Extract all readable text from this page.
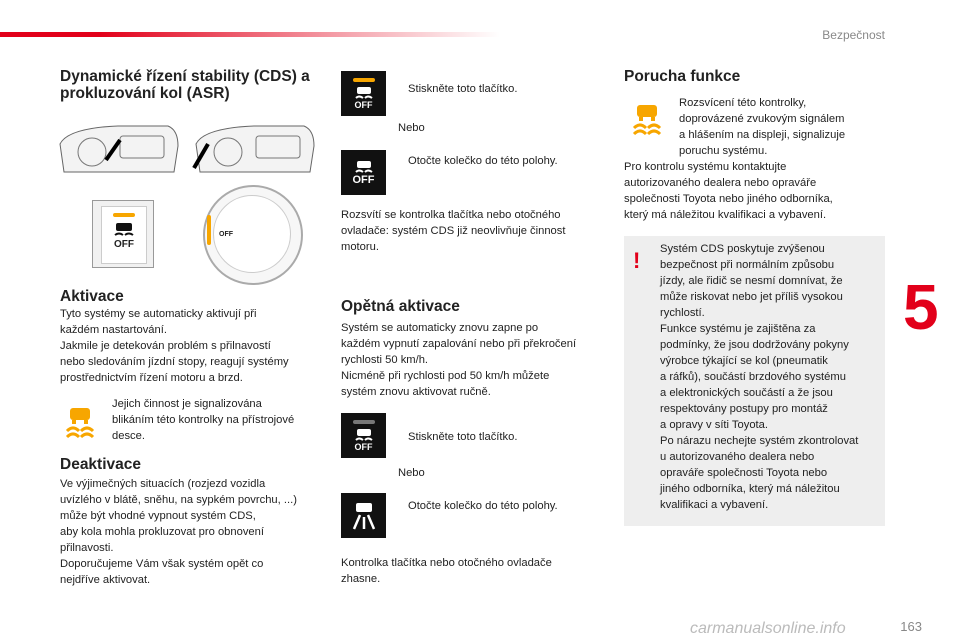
Bezpečnost
5
163
carmanualsonline.info
Dynamické řízení stability (CDS) a prokluzování kol (ASR)
OFF
OFF
Aktivace
Tyto systémy se automaticky aktivují při
každém nastartování.
Jakmile je detekován problém s přilnavostí
nebo sledováním jízdní stopy, reagují systémy
prostřednictvím řízení motoru a brzd.
Jejich činnost je signalizována
blikáním této kontrolky na přístrojové
desce.
Deaktivace
Ve výjimečných situacích (rozjezd vozidla
uvízlého v blátě, sněhu, na sypkém povrchu, ...)
může být vhodné vypnout systém CDS,
aby kola mohla prokluzovat pro obnovení
přilnavosti.
Doporučujeme Vám však systém opět co
nejdříve aktivovat.
OFF
Stiskněte toto tlačítko.
Nebo
OFF
Otočte kolečko do této polohy.
Rozsvítí se kontrolka tlačítka nebo otočného
ovladače: systém CDS již neovlivňuje činnost
motoru.
Opětná aktivace
Systém se automaticky znovu zapne po
každém vypnutí zapalování nebo při překročení
rychlosti 50 km/h.
Nicméně při rychlosti pod 50 km/h můžete
systém znovu aktivovat ručně.
OFF
Stiskněte toto tlačítko.
Nebo
Otočte kolečko do této polohy.
Kontrolka tlačítka nebo otočného ovladače
zhasne.
Porucha funkce
Rozsvícení této kontrolky,
doprovázené zvukovým signálem
a hlášením na displeji, signalizuje
poruchu systému.
Pro kontrolu systému kontaktujte
autorizovaného dealera nebo opraváře
společnosti Toyota nebo jiného odborníka,
který má náležitou kvalifikaci a vybavení.
! Systém CDS poskytuje zvýšenou
bezpečnost při normálním způsobu
jízdy, ale řidič se nesmí domnívat, že
může riskovat nebo jet příliš vysokou
rychlostí.
Funkce systému je zajištěna za
podmínky, že jsou dodržovány pokyny
výrobce týkající se kol (pneumatik
a ráfků), součástí brzdového systému
a elektronických součástí a že jsou
respektovány postupy pro montáž
a opravy v síti Toyota.
Po nárazu nechejte systém zkontrolovat
u autorizovaného dealera nebo
opraváře společnosti Toyota nebo
jiného odborníka, který má náležitou
kvalifikaci a vybavení.
